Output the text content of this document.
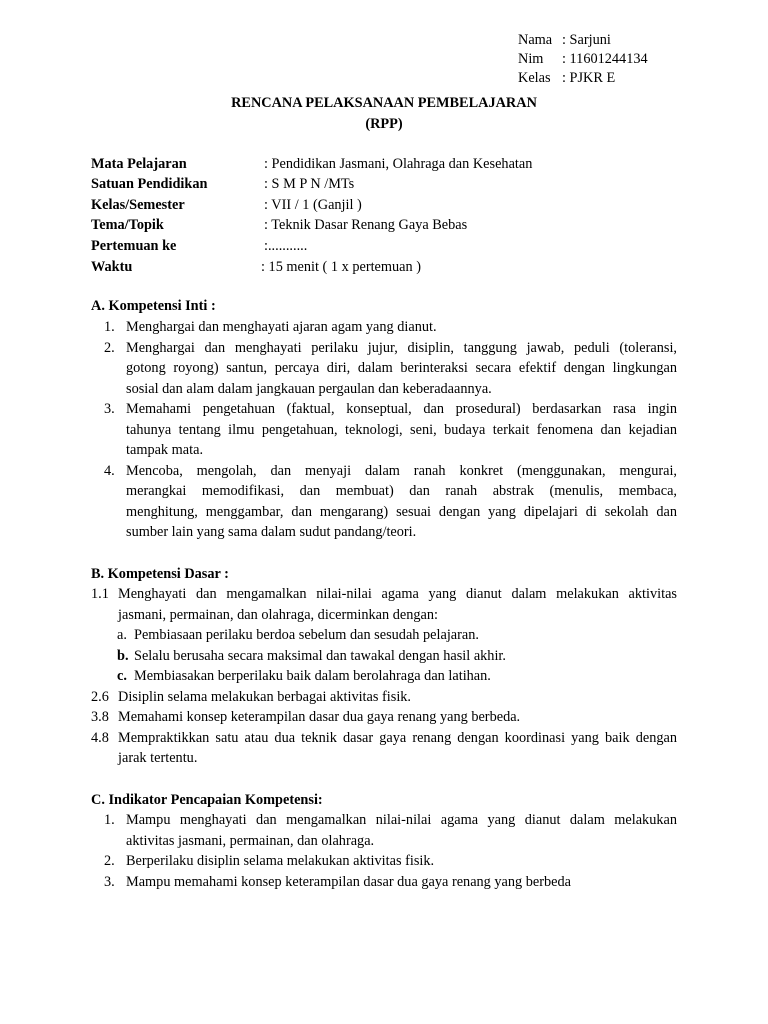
Nama : Sarjuni
Nim : 11601244134
Kelas : PJKR E
RENCANA PELAKSANAAN PEMBELAJARAN
(RPP)
Mata Pelajaran	: Pendidikan Jasmani, Olahraga dan Kesehatan
Satuan Pendidikan	: S M P N /MTs
Kelas/Semester	: VII / 1 (Ganjil )
Tema/Topik	: Teknik Dasar Renang Gaya Bebas
Pertemuan ke	:...........
Waktu	: 15 menit ( 1 x pertemuan )
A. Kompetensi Inti :
1. Menghargai dan menghayati ajaran agam yang dianut.
2. Menghargai dan menghayati perilaku jujur, disiplin, tanggung jawab, peduli (toleransi,
gotong royong) santun, percaya diri, dalam berinteraksi secara efektif dengan lingkungan
sosial dan alam dalam jangkauan pergaulan dan keberadaannya.
3. Memahami pengetahuan (faktual, konseptual, dan prosedural) berdasarkan rasa ingin
tahunya tentang ilmu pengetahuan, teknologi, seni, budaya terkait fenomena dan kejadian
tampak mata.
4. Mencoba, mengolah, dan menyaji dalam ranah konkret (menggunakan, mengurai,
merangkai memodifikasi, dan membuat) dan ranah abstrak (menulis, membaca,
menghitung, menggambar, dan mengarang) sesuai dengan yang dipelajari di sekolah dan
sumber lain yang sama dalam sudut pandang/teori.
B. Kompetensi Dasar :
1.1 Menghayati dan mengamalkan nilai-nilai agama yang dianut dalam melakukan aktivitas
jasmani, permainan, dan olahraga, dicerminkan dengan:
a. Pembiasaan perilaku berdoa sebelum dan sesudah pelajaran.
b. Selalu berusaha secara maksimal dan tawakal dengan hasil akhir.
c. Membiasakan berperilaku baik dalam berolahraga dan latihan.
2.6 Disiplin selama melakukan berbagai aktivitas fisik.
3.8 Memahami konsep keterampilan dasar dua gaya renang yang berbeda.
4.8 Mempraktikkan satu atau dua teknik dasar gaya renang dengan koordinasi yang baik dengan
jarak tertentu.
C. Indikator Pencapaian Kompetensi:
1. Mampu menghayati dan mengamalkan nilai-nilai agama yang dianut dalam melakukan
aktivitas jasmani, permainan, dan olahraga.
2. Berperilaku disiplin selama melakukan aktivitas fisik.
3. Mampu memahami konsep keterampilan dasar dua gaya renang yang berbeda
